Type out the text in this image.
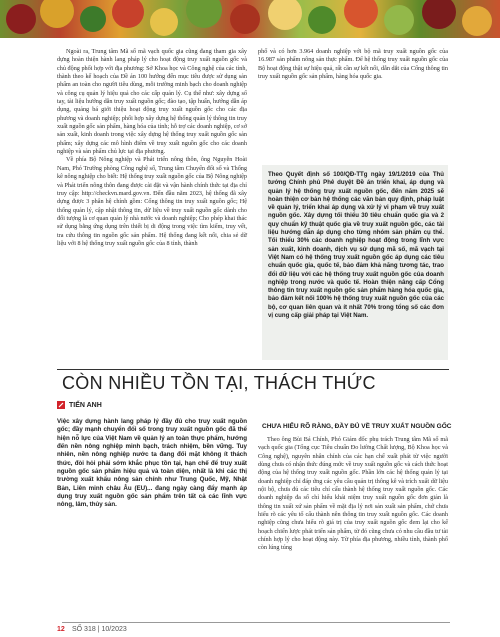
Ngoài ra, Trung tâm Mã số mã vạch quốc gia cũng đang tham gia xây dựng hoàn thiện hành lang pháp lý cho hoạt động truy xuất nguồn gốc và chủ động phối hợp với địa phương: Sở Khoa học và Công nghệ của các tỉnh, thành theo kế hoạch của Đề án 100 hướng đến mục tiêu được sử dụng sản phẩm an toàn cho người tiêu dùng, mỗi trường minh bạch cho doanh nghiệp và công cụ quản lý hiệu quả cho các cấp quản lý. Cụ thể như: xây dựng sổ tay, tài liệu hướng dẫn truy xuất nguồn gốc; đào tạo, tập huấn, hướng dẫn áp dụng, quảng bá giới thiệu hoạt động truy xuất nguồn gốc cho các địa phương và doanh nghiệp; phối hợp xây dựng hệ thống quản lý thông tin truy xuất nguồn gốc sản phẩm, hàng hóa của tỉnh; hỗ trợ các doanh nghiệp, cơ sở sản xuất, kinh doanh trong việc xây dựng hệ thống truy xuất nguồn gốc sản phẩm; xây dựng các mô hình điểm về truy xuất nguồn gốc cho các doanh nghiệp và sản phẩm chủ lực tại địa phương.
Về phía Bộ Nông nghiệp và Phát triển nông thôn, ông Nguyễn Hoài Nam, Phó Trưởng phòng Công nghệ số, Trung tâm Chuyển đổi số và Thống kê nông nghiệp cho biết: Hệ thống truy xuất nguồn gốc của Bộ Nông nghiệp và Phát triển nông thôn đang được cài đặt và vận hành chính thức tại địa chỉ truy cập: http://checkvn.mard.gov.vn. Đến đầu năm 2023, hệ thống đã xây dựng được 3 phân hệ chính gồm: Cổng thông tin truy xuất nguồn gốc; Hệ thống quản lý, cập nhật thông tin, dữ liệu về truy xuất nguồn gốc dành cho đối tượng là cơ quan quản lý nhà nước và doanh nghiệp; Cho phép khai thác sử dụng bằng ứng dụng trên thiết bị di động trong việc tìm kiếm, truy vết, tra cứu thông tin nguồn gốc sản phẩm. Hệ thống đang kết nối, chia sẻ dữ liệu với 8 hệ thống truy xuất nguồn gốc của 8 tỉnh, thành
phố và có hơn 3.964 doanh nghiệp với bộ mã truy xuất nguồn gốc của 16.987 sản phẩm nông sản thực phẩm. Để hệ thống truy xuất nguồn gốc của Bộ hoạt động thật sự hiệu quả, rất cần sự kết nối, dẫn dắt của Cổng thông tin truy xuất nguồn gốc sản phẩm, hàng hóa quốc gia.
Theo Quyết định số 100/QĐ-TTg ngày 19/1/2019 của Thủ tướng Chính phủ Phê duyệt Đề án triển khai, áp dụng và quản lý hệ thống truy xuất nguồn gốc, đến năm 2025 sẽ hoàn thiện cơ bản hệ thống các văn bản quy định, pháp luật về quản lý, triển khai áp dụng và xử lý vi phạm về truy xuất nguồn gốc. Xây dựng tối thiểu 30 tiêu chuẩn quốc gia và 2 quy chuẩn kỹ thuật quốc gia về truy xuất nguồn gốc, các tài liệu hướng dẫn áp dụng cho từng nhóm sản phẩm cụ thể. Tối thiểu 30% các doanh nghiệp hoạt động trong lĩnh vực sản xuất, kinh doanh, dịch vụ sử dụng mã số, mã vạch tại Việt Nam có hệ thống truy xuất nguồn gốc áp dụng các tiêu chuẩn quốc gia, quốc tế, bảo đảm khả năng tương tác, trao đổi dữ liệu với các hệ thống truy xuất nguồn gốc của doanh nghiệp trong nước và quốc tế. Hoàn thiện nâng cấp Cổng thông tin truy xuất nguồn gốc sản phẩm hàng hóa quốc gia, bảo đảm kết nối 100% hệ thống truy xuất nguồn gốc của các bộ, cơ quan liên quan và ít nhất 70% trong tổng số các đơn vị cung cấp giải pháp tại Việt Nam.
CÒN NHIỀU TỒN TẠI, THÁCH THỨC
TIẾN ANH
Việc xây dựng hành lang pháp lý đầy đủ cho truy xuất nguồn gốc; đầy mạnh chuyển đổi số trong truy xuất nguồn gốc đã thể hiện nỗ lực của Việt Nam về quản lý an toàn thực phẩm, hướng đến nền nông nghiệp minh bạch, trách nhiệm, bền vững. Tuy nhiên, nền nông nghiệp nước ta đang đối mặt không ít thách thức, đòi hỏi phải sớm khắc phục tồn tại, hạn chế để truy xuất nguồn gốc sản phẩm hiệu quả và toàn diện, nhất là khi các thị trường xuất khẩu nông sản chính như Trung Quốc, Mỹ, Nhật Bản, Liên minh châu Âu (EU)... đang ngày càng đẩy mạnh áp dụng truy xuất nguồn gốc sản phẩm trên tất cả các lĩnh vực nông, lâm, thủy sản.
CHƯA HIỂU RÕ RÀNG, ĐẦY ĐỦ VỀ TRUY XUẤT NGUỒN GỐC
Theo ông Bùi Bá Chính, Phó Giám đốc phụ trách Trung tâm Mã số mã vạch quốc gia (Tổng cục Tiêu chuẩn Đo lường Chất lượng, Bộ Khoa học và Công nghệ), nguyên nhân chính của các hạn chế xuất phát từ việc người dùng chưa có nhận thức đúng mức về truy xuất nguồn gốc và cách thức hoạt động của hệ thống truy xuất nguồn gốc. Phần lớn các hệ thống quản lý tại doanh nghiệp chỉ đáp ứng các yêu cầu quản trị thông kê và trích xuất dữ liệu nội bộ, chưa đủ các tiêu chí cấu thành hệ thống truy xuất nguồn gốc. Các doanh nghiệp đa số chỉ hiểu khái niệm truy xuất nguồn gốc đơn giản là thông tin xuất xứ sản phẩm về mặt địa lý nơi sản xuất sản phẩm, chứ chưa hiểu rõ các yêu tố cấu thành nên thông tin truy xuất nguồn gốc. Các doanh nghiệp cũng chưa hiểu rõ giá trị của truy xuất nguồn gốc đem lại cho kế hoạch chiến lược phát triển sản phẩm, từ đó cũng chưa có nhu cầu đầu tư tài chính hợp lý cho hoạt động này. Từ phía địa phương, nhiều tỉnh, thành phố còn lúng túng
12 SỐ 318 | 10/2023
